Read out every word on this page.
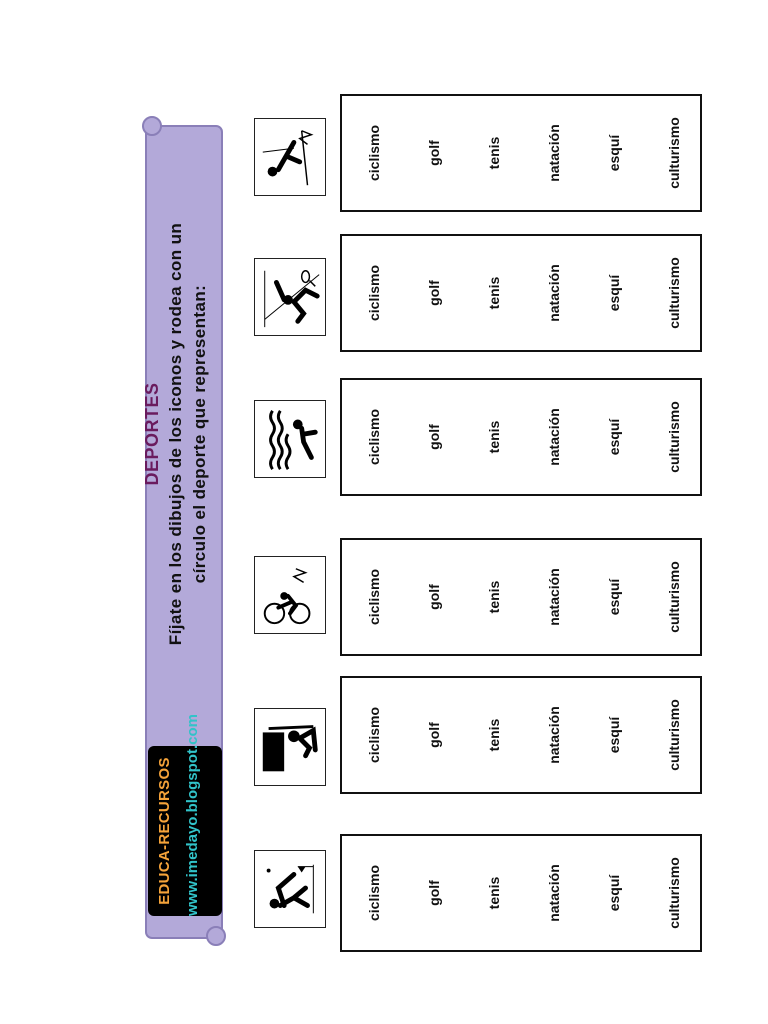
EDUCA-RECURSOS www.imedayo.blogspot.com
DEPORTES Fíjate en los dibujos de los iconos y rodea con un círculo el deporte que representan:
ciclismo	golf	tenis	natación	esquí	culturismo
ciclismo	golf	tenis	natación	esquí	culturismo
ciclismo	golf	tenis	natación	esquí	culturismo
ciclismo	golf	tenis	natación	esquí	culturismo
ciclismo	golf	tenis	natación	esquí	culturismo
ciclismo	golf	tenis	natación	esquí	culturismo
